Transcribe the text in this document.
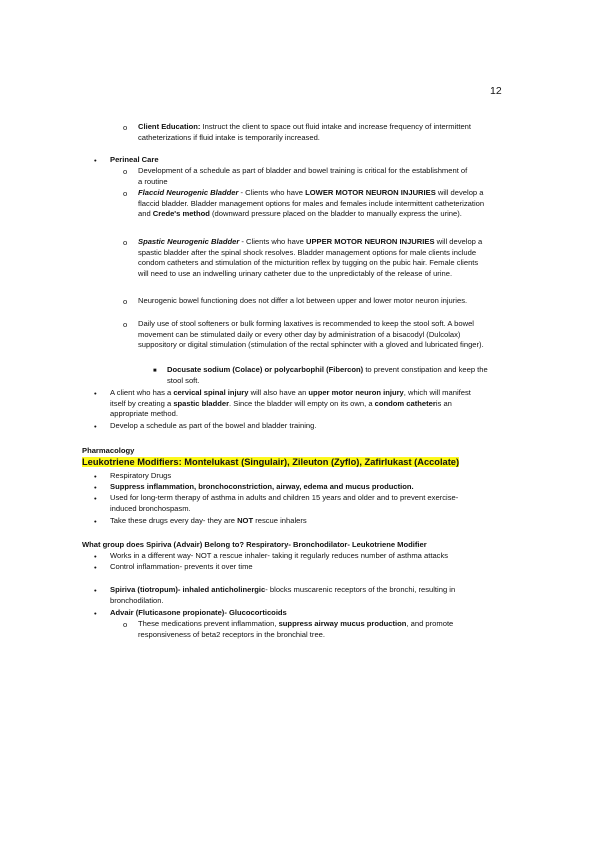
12
o Client Education: Instruct the client to space out fluid intake and increase frequency of intermittent catheterizations if fluid intake is temporarily increased.
• Perineal Care
o Development of a schedule as part of bladder and bowel training is critical for the establishment of a routine
o Flaccid Neurogenic Bladder - Clients who have LOWER MOTOR NEURON INJURIES will develop a flaccid bladder. Bladder management options for males and females include intermittent catheterization and Crede's method (downward pressure placed on the bladder to manually express the urine).
o Spastic Neurogenic Bladder - Clients who have UPPER MOTOR NEURON INJURIES will develop a spastic bladder after the spinal shock resolves. Bladder management options for male clients include condom catheters and stimulation of the micturition reflex by tugging on the pubic hair. Female clients will need to use an indwelling urinary catheter due to the unpredictably of the release of urine.
o Neurogenic bowel functioning does not differ a lot between upper and lower motor neuron injuries.
o Daily use of stool softeners or bulk forming laxatives is recommended to keep the stool soft. A bowel movement can be stimulated daily or every other day by administration of a bisacodyl (Dulcolax) suppository or digital stimulation (stimulation of the rectal sphincter with a gloved and lubricated finger).
■ Docusate sodium (Colace) or polycarbophil (Fibercon) to prevent constipation and keep the stool soft.
• A client who has a cervical spinal injury will also have an upper motor neuron injury, which will manifest itself by creating a spastic bladder. Since the bladder will empty on its own, a condom catheteris an appropriate method.
• Develop a schedule as part of the bowel and bladder training.
Pharmacology
Leukotriene Modifiers: Montelukast (Singulair), Zileuton (Zyflo), Zafirlukast (Accolate)
• Respiratory Drugs
• Suppress inflammation, bronchoconstriction, airway, edema and mucus production.
• Used for long-term therapy of asthma in adults and children 15 years and older and to prevent exercise-induced bronchospasm.
• Take these drugs every day- they are NOT rescue inhalers
What group does Spiriva (Advair) Belong to? Respiratory- Bronchodilator- Leukotriene Modifier
• Works in a different way- NOT a rescue inhaler- taking it regularly reduces number of asthma attacks
• Control inflammation- prevents it over time
• Spiriva (tiotropum)- inhaled anticholinergic- blocks muscarenic receptors of the bronchi, resulting in bronchodilation.
• Advair (Fluticasone propionate)- Glucocorticoids
o These medications prevent inflammation, suppress airway mucus production, and promote responsiveness of beta2 receptors in the bronchial tree.
